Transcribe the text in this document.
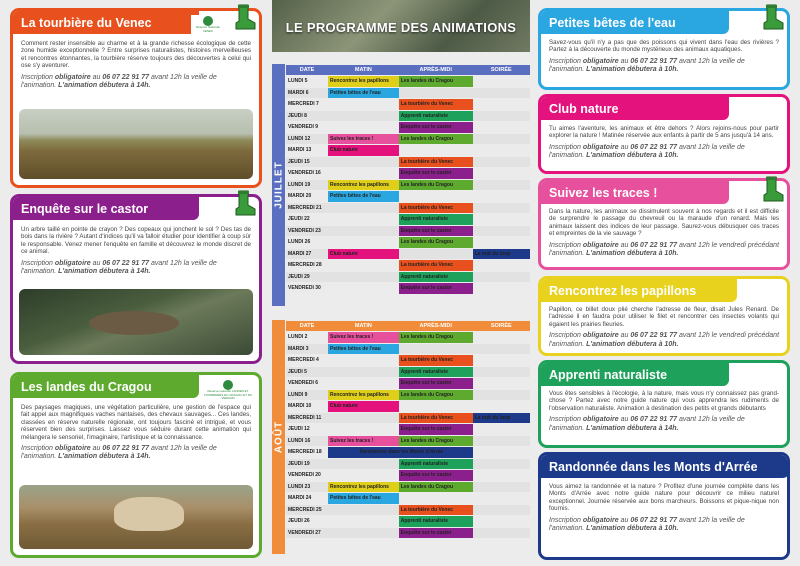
La tourbière du Venec
Comment rester insensible au charme et à la grande richesse écologique de cette zone humide exceptionnelle ? Entre surprises naturalistes, histoires merveilleuses et rencontres étonnantes, la tourbière réserve toujours des découvertes à celui qui ose s'y aventurer.
Inscription obligatoire au 06 07 22 91 77 avant 12h la veille de l'animation. L'animation débutera à 14h.
Réserve Naturelle VENEC
Enquête sur le castor
Un arbre taillé en pointe de crayon ? Des copeaux qui jonchent le sol ? Des tas de bois dans la rivière ? Autant d'indices qu'il va falloir étudier pour identifier à coup sûr le responsable. Venez mener l'enquête en famille et découvrez le monde discret de ce animal.
Inscription obligatoire au 06 07 22 91 77 avant 12h la veille de l'animation. L'animation débutera à 14h.
Les landes du Cragou
Des paysages magiques, une végétation particulière, une gestion de l'espace qui fait appel aux magnifiques vaches nantaises, des chevaux sauvages... Ces landes, classées en réserve naturelle régionale, ont toujours fasciné et intrigué, et vous réservent bien des surprises. Laissez vous séduire durant cette animation qui mélangera le sensoriel, l'imaginaire, l'artistique et la connaissance.
Inscription obligatoire au 06 07 22 91 77 avant 12h la veille de l'animation. L'animation débutera à 14h.
Réserve naturelle LANDES ET TOURBIÈRES DU CRAGOU ET DU VERGAM
LE PROGRAMME DES ANIMATIONS
JUILLET
DATE	MATIN	APRÈS-MIDI	SOIRÉE
LUNDI 5	Rencontrez les papillons	Les landes du Cragou	
MARDI 6	Petites bêtes de l'eau		
MERCREDI 7		La tourbière du Venec	
JEUDI 8		Apprenti naturaliste	
VENDREDI 9		Enquête sur le castor	
LUNDI 12	Suivez les traces !	Les landes du Cragou	
MARDI 13	Club nature		
JEUDI 15		La tourbière du Venec	
VENDREDI 16		Enquête sur le castor	
LUNDI 19	Rencontrez les papillons	Les landes du Cragou	
MARDI 20	Petites bêtes de l'eau		
MERCREDI 21		La tourbière du Venec	
JEUDI 22		Apprenti naturaliste	
VENDREDI 23		Enquête sur le castor	
LUNDI 26		Les landes du Cragou	
MARDI 27	Club nature		La nuit du loup
MERCREDI 28		La tourbière du Venec	
JEUDI 29		Apprenti naturaliste	
VENDREDI 30		Enquête sur le castor	
AOÛT
DATE	MATIN	APRÈS-MIDI	SOIRÉE
LUNDI 2	Suivez les traces !	Les landes du Cragou	
MARDI 3	Petites bêtes de l'eau		
MERCREDI 4		La tourbière du Venec	
JEUDI 5		Apprenti naturaliste	
VENDREDI 6		Enquête sur le castor	
LUNDI 9	Rencontrez les papillons	Les landes du Cragou	
MARDI 10	Club nature		
MERCREDI 11		La tourbière du Venec	La nuit du loup
JEUDI 12		Enquête sur le castor	
LUNDI 16	Suivez les traces !	Les landes du Cragou	
MERCREDI 18	Randonnée dans les Monts d'Arrée		
JEUDI 19		Apprenti naturaliste	
VENDREDI 20		Enquête sur le castor	
LUNDI 23	Rencontrez les papillons	Les landes du Cragou	
MARDI 24	Petites bêtes de l'eau		
MERCREDI 25		La tourbière du Venec	
JEUDI 26		Apprenti naturaliste	
VENDREDI 27		Enquête sur le castor	
Petites bêtes de l'eau
Savez-vous qu'il n'y a pas que des poissons qui vivent dans l'eau des rivières ? Partez à la découverte du monde mystérieux des animaux aquatiques.
Inscription obligatoire au 06 07 22 91 77 avant 12h la veille de l'animation. L'animation débutera à 10h.
Club nature
Tu aimes l'aventure, les animaux et être dehors ? Alors rejoins-nous pour partir explorer la nature ! Matinée réservée aux enfants à partir de 5 ans jusqu'à 14 ans.
Inscription obligatoire au 06 07 22 91 77 avant 12h la veille de l'animation. L'animation débutera à 10h.
Suivez les traces !
Dans la nature, les animaux se dissimulent souvent à nos regards et il est difficile de surprendre le passage du chevreuil ou la maraude d'un renard. Mais les animaux laissent des indices de leur passage. Saurez-vous débusquer ces traces et empreintes de la vie sauvage ?
Inscription obligatoire au 06 07 22 91 77 avant 12h le vendredi précédant l'animation. L'animation débutera à 10h.
Rencontrez les papillons
Papillon, ce billet doux plié cherche l'adresse de fleur, disait Jules Renard. De l'adresse il en faudra pour utiliser le filet et rencontrer ces insectes volants qui égaient les prairies fleuries.
Inscription obligatoire au 06 07 22 91 77 avant 12h le vendredi précédant l'animation. L'animation débutera à 10h.
Apprenti naturaliste
Vous êtes sensibles à l'écologie, à la nature, mais vous n'y connaissez pas grand-chose ? Partez avec notre guide nature qui vous apprendra les rudiments de l'observation naturaliste. Animation à destination des petits et grands débutants
Inscription obligatoire au 06 07 22 91 77 avant 12h la veille de l'animation. L'animation débutera à 14h.
Randonnée dans les Monts d'Arrée
Vous aimez la randonnée et la nature ? Profitez d'une journée complète dans les Monts d'Arrée avec notre guide nature pour découvrir ce milieu naturel exceptionnel. Journée réservée aux bons marcheurs. Boissons et pique-nique non fournis.
Inscription obligatoire au 06 07 22 91 77 avant 12h la veille de l'animation. L'animation débutera à 10h.
